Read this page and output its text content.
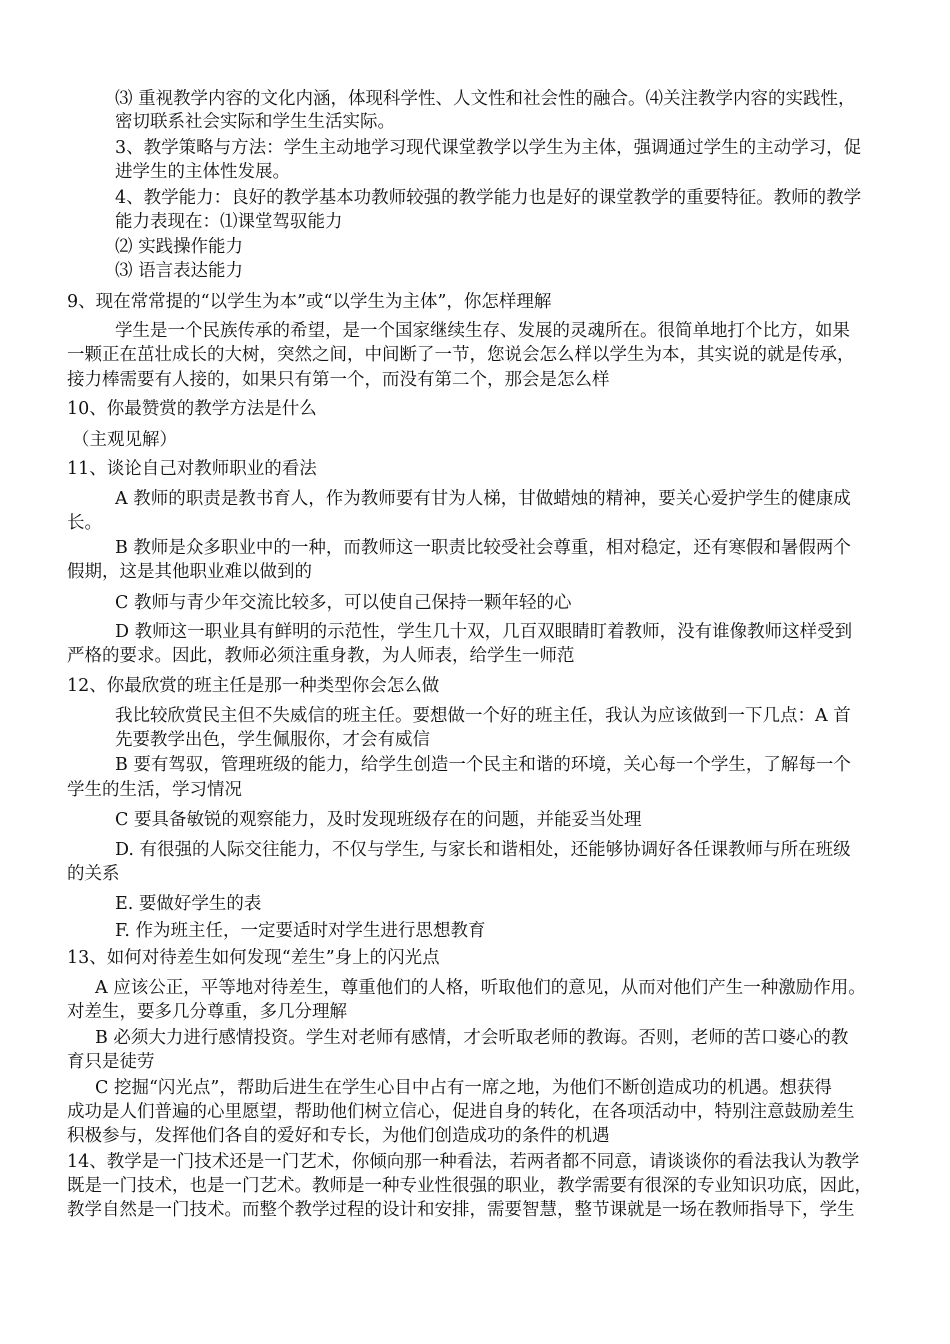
⑶ 重视教学内容的文化内涵，体现科学性、人文性和社会性的融合。⑷关注教学内容的实践性，
密切联系社会实际和学生生活实际。
3、教学策略与方法：学生主动地学习现代课堂教学以学生为主体，强调通过学生的主动学习，促
进学生的主体性发展。
4、教学能力：良好的教学基本功教师较强的教学能力也是好的课堂教学的重要特征。教师的教学
能力表现在：⑴课堂驾驭能力
⑵ 实践操作能力
⑶ 语言表达能力
9、现在常常提的“以学生为本”或“以学生为主体”，你怎样理解
学生是一个民族传承的希望，是一个国家继续生存、发展的灵魂所在。很简单地打个比方，如果
一颗正在茁壮成长的大树，突然之间，中间断了一节，您说会怎么样以学生为本，其实说的就是传承，
接力棒需要有人接的，如果只有第一个，而没有第二个，那会是怎么样
10、你最赞赏的教学方法是什么
（主观见解）
11、谈论自己对教师职业的看法
A 教师的职责是教书育人，作为教师要有甘为人梯，甘做蜡烛的精神，要关心爱护学生的健康成
长。
B 教师是众多职业中的一种，而教师这一职责比较受社会尊重，相对稳定，还有寒假和暑假两个
假期，这是其他职业难以做到的
C 教师与青少年交流比较多，可以使自己保持一颗年轻的心
D 教师这一职业具有鲜明的示范性，学生几十双，几百双眼睛盯着教师，没有谁像教师这样受到
严格的要求。因此，教师必须注重身教，为人师表，给学生一师范
12、你最欣赏的班主任是那一种类型你会怎么做
我比较欣赏民主但不失威信的班主任。要想做一个好的班主任，我认为应该做到一下几点：A 首
先要教学出色，学生佩服你，才会有威信
B 要有驾驭，管理班级的能力，给学生创造一个民主和谐的环境，关心每一个学生，了解每一个
学生的生活，学习情况
C 要具备敏锐的观察能力，及时发现班级存在的问题，并能妥当处理
D. 有很强的人际交往能力，不仅与学生, 与家长和谐相处，还能够协调好各任课教师与所在班级
的关系
E. 要做好学生的表
F. 作为班主任，一定要适时对学生进行思想教育
13、如何对待差生如何发现“差生”身上的闪光点
A 应该公正，平等地对待差生，尊重他们的人格，听取他们的意见，从而对他们产生一种激励作用。
对差生，要多几分尊重，多几分理解
B 必须大力进行感情投资。学生对老师有感情，才会听取老师的教诲。否则，老师的苦口婆心的教
育只是徒劳
C 挖掘“闪光点”，帮助后进生在学生心目中占有一席之地，为他们不断创造成功的机遇。想获得
成功是人们普遍的心里愿望，帮助他们树立信心，促进自身的转化，在各项活动中，特别注意鼓励差生
积极参与，发挥他们各自的爱好和专长，为他们创造成功的条件的机遇
14、教学是一门技术还是一门艺术，你倾向那一种看法，若两者都不同意，请谈谈你的看法我认为教学
既是一门技术，也是一门艺术。教师是一种专业性很强的职业，教学需要有很深的专业知识功底，因此，
教学自然是一门技术。而整个教学过程的设计和安排，需要智慧，整节课就是一场在教师指导下，学生
